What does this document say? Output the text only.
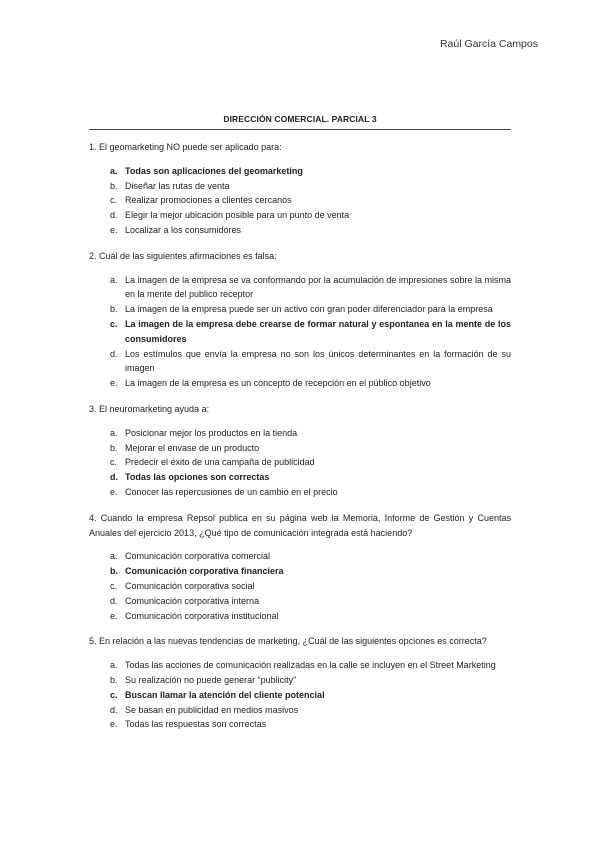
Raúl García Campos
DIRECCIÓN COMERCIAL. PARCIAL 3
1. El geomarketing NO puede ser aplicado para:
a. Todas son aplicaciones del geomarketing
b. Diseñar las rutas de venta
c. Realizar promociones a clientes cercanos
d. Elegir la mejor ubicación posible para un punto de venta
e. Localizar a los consumidores
2. Cuál de las siguientes afirmaciones es falsa:
a. La imagen de la empresa se va conformando por la acumulación de impresiones sobre la misma en la mente del publico receptor
b. La imagen de la empresa puede ser un activo con gran poder diferenciador para la empresa
c. La imagen de la empresa debe crearse de formar natural y espontanea en la mente de los consumidores
d. Los estímulos que envía la empresa no son los únicos determinantes en la formación de su imagen
e. La imagen de la empresa es un concepto de recepción en el público objetivo
3. El neuromarketing ayuda a:
a. Posicionar mejor los productos en la tienda
b. Mejorar el envase de un producto
c. Predecir el éxito de una campaña de publicidad
d. Todas las opciones son correctas
e. Conocer las repercusiones de un cambio en el precio
4. Cuando la empresa Repsol publica en su página web la Memoria, Informe de Gestión y Cuentas Anuales del ejercicio 2013, ¿Qué tipo de comunicación integrada está haciendo?
a. Comunicación corporativa comercial
b. Comunicación corporativa financiera
c. Comunicación corporativa social
d. Comunicación corporativa interna
e. Comunicación corporativa institucional
5. En relación a las nuevas tendencias de marketing, ¿Cuál de las siguientes opciones es correcta?
a. Todas las acciones de comunicación realizadas en la calle se incluyen en el Street Marketing
b. Su realización no puede generar “publicity”
c. Buscan llamar la atención del cliente potencial
d. Se basan en publicidad en medios masivos
e. Todas las respuestas son correctas
